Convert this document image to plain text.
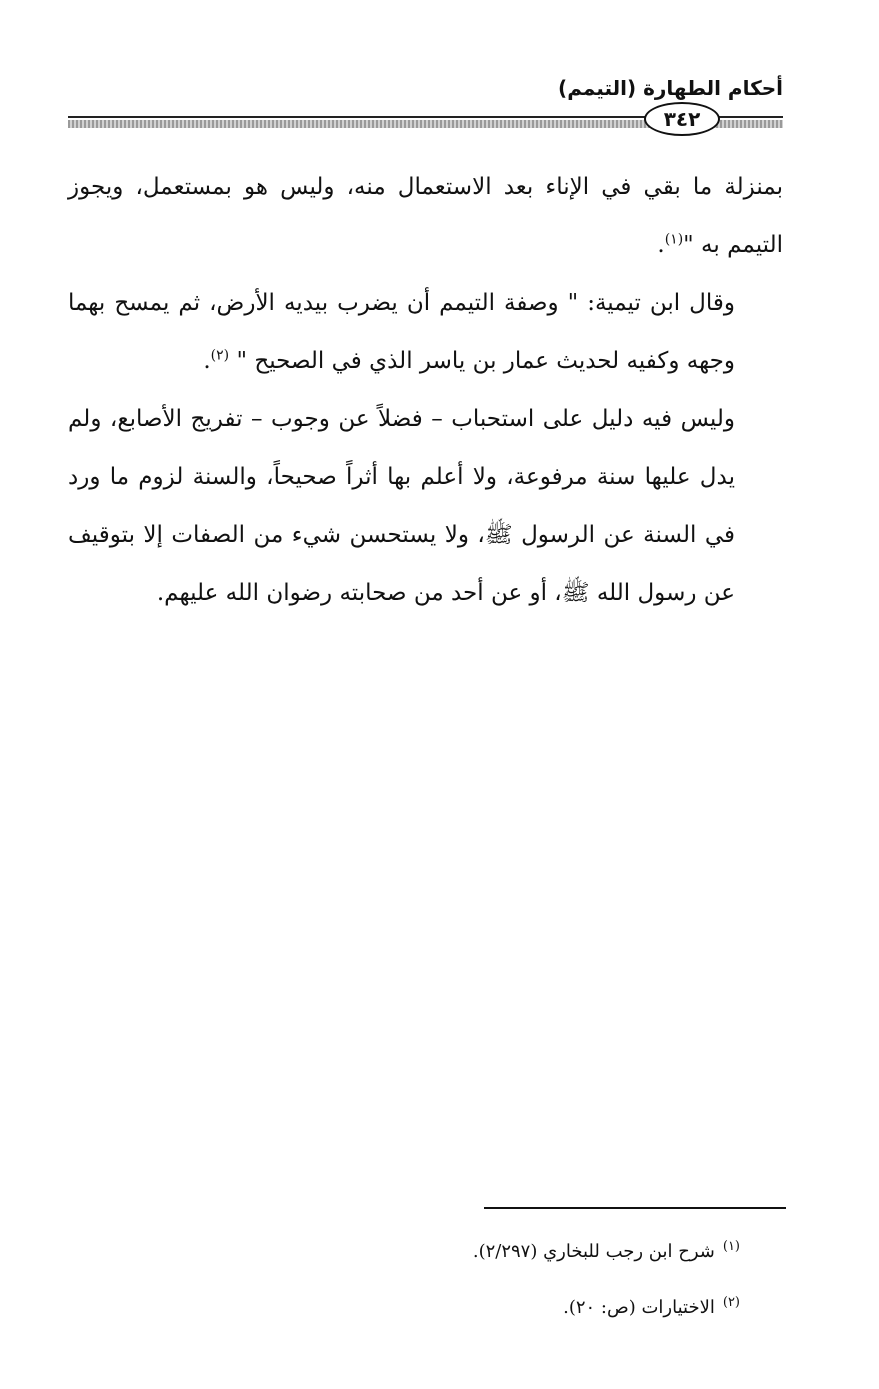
أحكام الطهارة (التيمم)
٣٤٢

بمنزلة ما بقي في الإناء بعد الاستعمال منه، وليس هو بمستعمل، ويجوز التيمم به "$^{(١)}$.

وقال ابن تيمية: " وصفة التيمم أن يضرب بيديه الأرض، ثم يمسح بهما وجهه وكفيه لحديث عمار بن ياسر الذي في الصحيح " $^{(٢)}$.

وليس فيه دليل على استحباب – فضلاً عن وجوب – تفريج الأصابع، ولم يدل عليها سنة مرفوعة، ولا أعلم بها أثراً صحيحاً، والسنة لزوم ما ورد في السنة عن الرسول ﷺ، ولا يستحسن شيء من الصفات إلا بتوقيف عن رسول الله ﷺ، أو عن أحد من صحابته رضوان الله عليهم.

$^{(١)}$شرح ابن رجب للبخاري (٢/٢٩٧).
$^{(٢)}$الاختيارات (ص: ٢٠).
